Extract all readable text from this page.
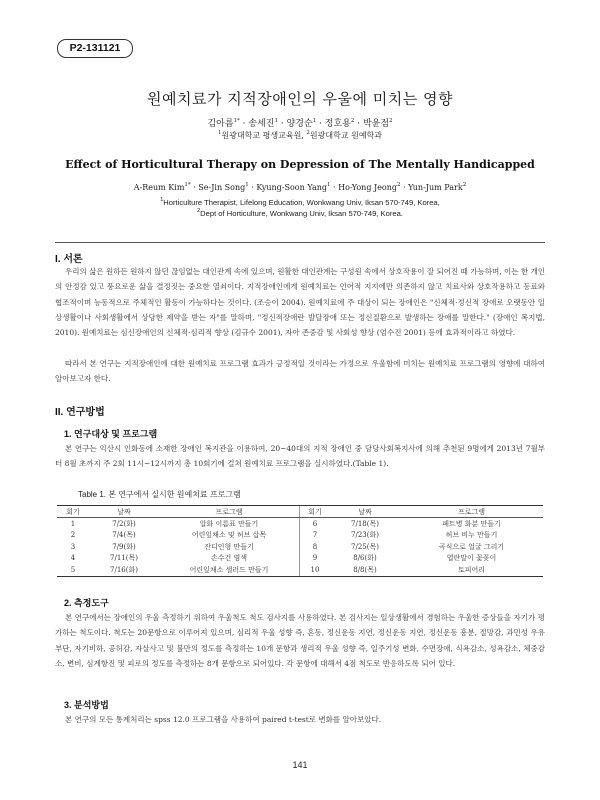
P2-131121
원예치료가 지적장애인의 우울에 미치는 영향
김아름$^{1*}$ · 송세진$^1$ · 양경순$^1$ · 정호용$^2$ · 박윤점$^2$
$^1$원광대학교 평생교육원, $^2$원광대학교 원예학과
Effect of Horticultural Therapy on Depression of The Mentally Handicapped
A-Reum Kim$^{1*}$ · Se-Jin Song$^1$ · Kyung-Soon Yang$^1$ · Ho-Yong Jeong$^2$ · Yun-Jum Park$^2$
$^1$Horticulture Therapist, Lifelong Education, Wonkwang Univ, Iksan 570-749, Korea,
$^2$Dept of Horticulture, Wonkwang Univ, Iksan 570-749, Korea.
I. 서론
우리의 삶은 원하든 원하지 않던 끊임없는 대인관계 속에 있으며, 원활한 대인관계는 구성원 속에서 상호작용이 잘 되어진 때 가능하며, 이는 한 개인의 안정감 있고 풍요로운 삶을 결정짓는 중요한 열쇠이다. 지적장애인에게 원예치료는 언어적 지지에만 의존하지 않고 치료사와 상호작용하고 동료와 협조적이며 능동적으로 주체적인 활동이 가능하다는 것이다. (조승이 2004). 원예치료에 주 대상이 되는 장애인은 "신체적·정신적 장애로 오랫동안 일상생활이나 사회생활에서 상당한 제약을 받는 자"를 말하며, "정신적장애란 발달장애 또는 정신질환으로 발생하는 장애를 말한다." (장애인 복지법, 2010). 원예치료는 심신장애인의 신체적·심리적 향상 (김규수 2001), 자아 존중감 및 사회성 향상 (엄수진 2001) 등에 효과적이라고 하였다.
따라서 본 연구는 지적장애인에 대한 원예치료 프로그램 효과가 긍정적일 것이라는 가정으로 우울함에 미치는 원예치료 프로그램의 영향에 대하여 알아보고자 한다.
II. 연구방법
1. 연구대상 및 프로그램
본 연구는 익산시 인화동에 소재한 장애인 복지관을 이용하여, 20~40대의 지적 장애인 중 담당사회복지사에 의해 추천된 9명에게 2013년 7월부터 8월 초까지 주 2회 11시~12시까지 총 10회기에 걸쳐 원예치료 프로그램을 실시하였다.(Table 1).
Table 1. 본 연구에서 실시한 원예치료 프로그램
회기	날짜	프로그램	회기	날짜	프로그램
1	7/2(화)	압화 이름표 만들기	6	7/18(목)	페트병 화분 만들기
2	7/4(목)	어린잎채소 및 허브 삽목	7	7/23(화)	허브 비누 만들기
3	7/9(화)	잔디인형 만들기	8	7/25(목)	곡식으로 얼굴 그리기
4	7/11(목)	손수건 염색	9	8/6(화)	엽란말이 꽃꽂이
5	7/16(화)	어린잎채소 샐러드 만들기	10	8/8(목)	토피어리
2. 측정도구
본 연구에서는 장애인의 우울 측정하기 위하여 우울척도 척도 검사지를 사용하였다. 본 검사지는 일상생활에서 경험하는 우울한 증상들을 자기가 평가하는 척도이다. 척도는 20문항으로 이루어져 있으며, 심리적 우울 성향 즉, 혼동, 정신운동 지연, 정신운동 지연, 정신운동 흥분, 절망감, 과민성 우유부단, 자기비하, 공허감, 자살사고 및 불만의 정도를 측정하는 10개 문항과 생리적 우울 성향 즉, 일주기성 변화, 수면장애, 식욕감소, 성욕감소, 체중감소, 변비, 심계항진 및 피로의 정도를 측정하는 8개 문항으로 되어있다. 각 문항에 대해서 4점 척도로 반응하도록 되어 있다.
3. 분석방법
본 연구의 모든 통계처리는 spss 12.0 프로그램을 사용하여 paired t-test로 변화를 알아보았다.
141
